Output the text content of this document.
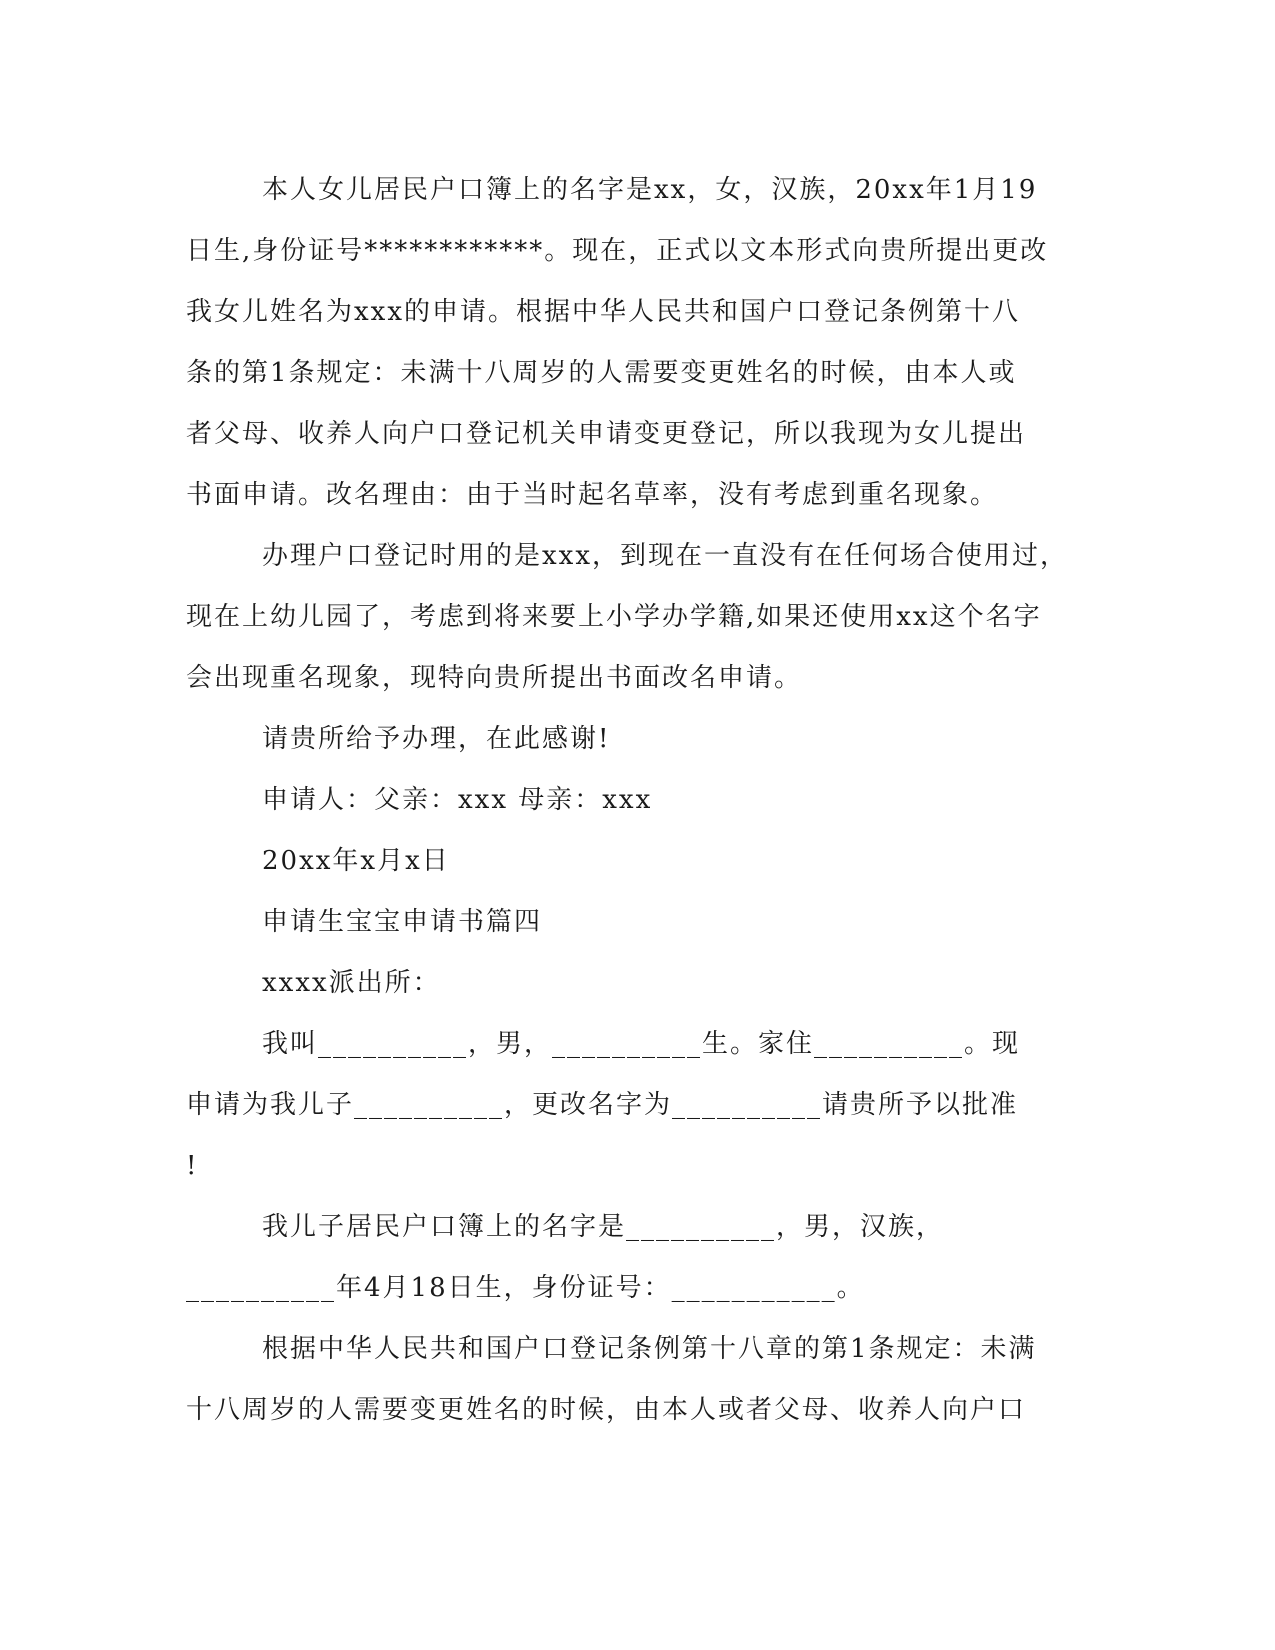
本人女儿居民户口簿上的名字是xx，女，汉族，20xx年1月19
日生,身份证号************。现在，正式以文本形式向贵所提出更改
我女儿姓名为xxx的申请。根据中华人民共和国户口登记条例第十八
条的第1条规定：未满十八周岁的人需要变更姓名的时候，由本人或
者父母、收养人向户口登记机关申请变更登记，所以我现为女儿提出
书面申请。改名理由：由于当时起名草率，没有考虑到重名现象。
办理户口登记时用的是xxx，到现在一直没有在任何场合使用过，
现在上幼儿园了，考虑到将来要上小学办学籍,如果还使用xx这个名字
会出现重名现象，现特向贵所提出书面改名申请。
请贵所给予办理，在此感谢!
申请人：父亲：xxx 母亲：xxx
20xx年x月x日
申请生宝宝申请书篇四
xxxx派出所：
我叫__________，男，__________生。家住__________。现
申请为我儿子__________，更改名字为__________请贵所予以批准
!
我儿子居民户口簿上的名字是__________，男，汉族，
__________年4月18日生，身份证号：___________。
根据中华人民共和国户口登记条例第十八章的第1条规定：未满
十八周岁的人需要变更姓名的时候，由本人或者父母、收养人向户口
